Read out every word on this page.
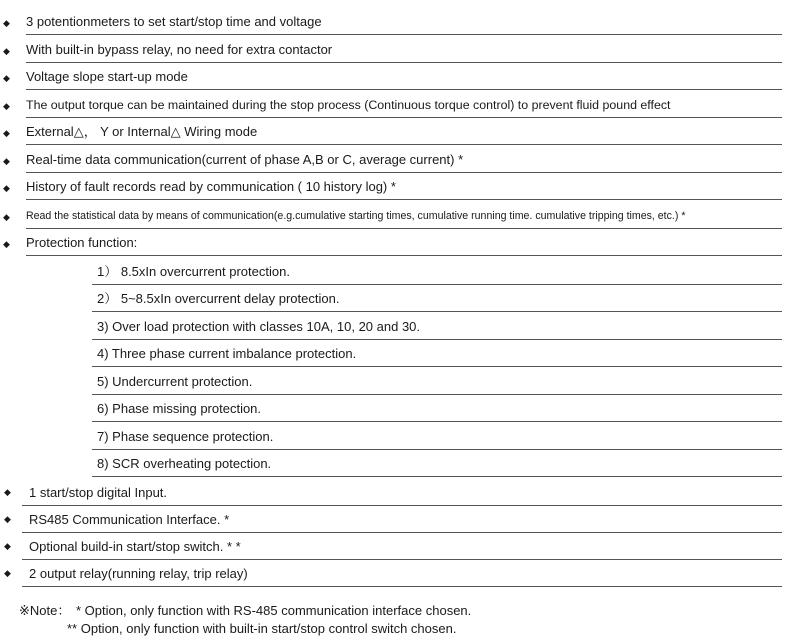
◆ 3 potentionmeters to set start/stop time and voltage
◆ With built-in bypass relay, no need for extra contactor
◆ Voltage slope start-up mode
◆ The output torque can be maintained during the stop process (Continuous torque control) to prevent fluid pound effect
◆ External△， Y or Internal△ Wiring mode
◆ Real-time data communication(current of phase A,B or C, average current) *
◆ History of fault records read by communication ( 10 history log) *
◆ Read the statistical data by means of communication(e.g.cumulative starting times, cumulative running time. cumulative tripping times, etc.) *
◆ Protection function:
1） 8.5xIn overcurrent protection.
2） 5~8.5xIn overcurrent delay protection.
3) Over load protection with classes 10A, 10, 20 and 30.
4) Three phase current imbalance protection.
5) Undercurrent protection.
6) Phase missing protection.
7) Phase sequence protection.
8) SCR overheating potection.
◆ 1 start/stop digital Input.
◆ RS485 Communication Interface. *
◆ Optional build-in start/stop switch. * *
◆ 2 output relay(running relay, trip relay)
※Note： * Option, only function with RS-485 communication interface chosen.
** Option, only function with built-in start/stop control switch chosen.
